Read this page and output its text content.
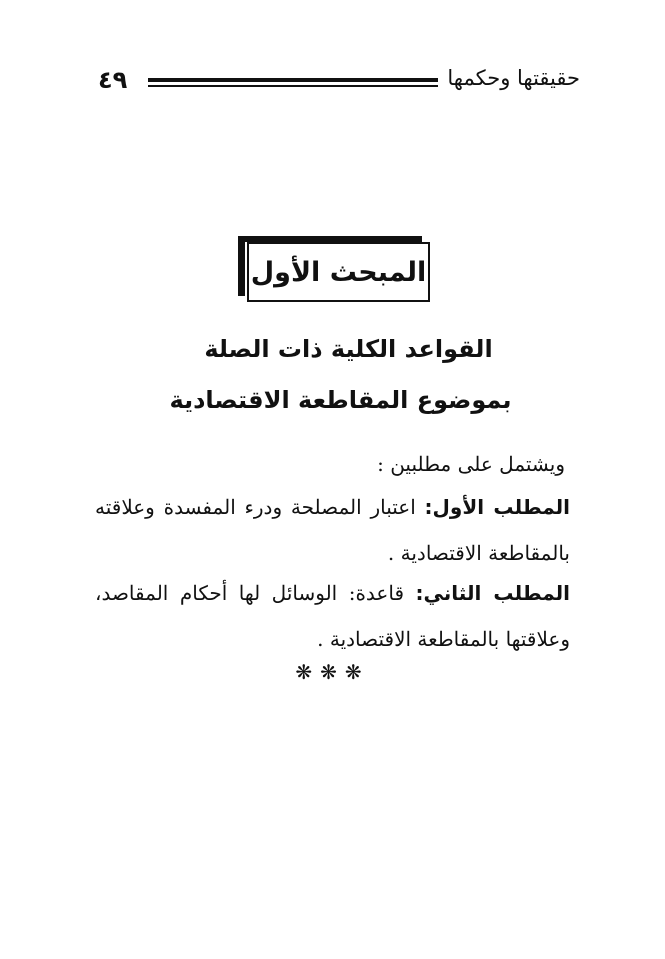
٤٩	حقيقتها وحكمها
المبحث الأول
القواعد الكلية ذات الصلة
بموضوع المقاطعة الاقتصادية
ويشتمل على مطلبين :
المطلب الأول: اعتبار المصلحة ودرء المفسدة وعلاقته بالمقاطعة الاقتصادية .
المطلب الثاني: قاعدة: الوسائل لها أحكام المقاصد، وعلاقتها بالمقاطعة الاقتصادية .
❋❋❋
